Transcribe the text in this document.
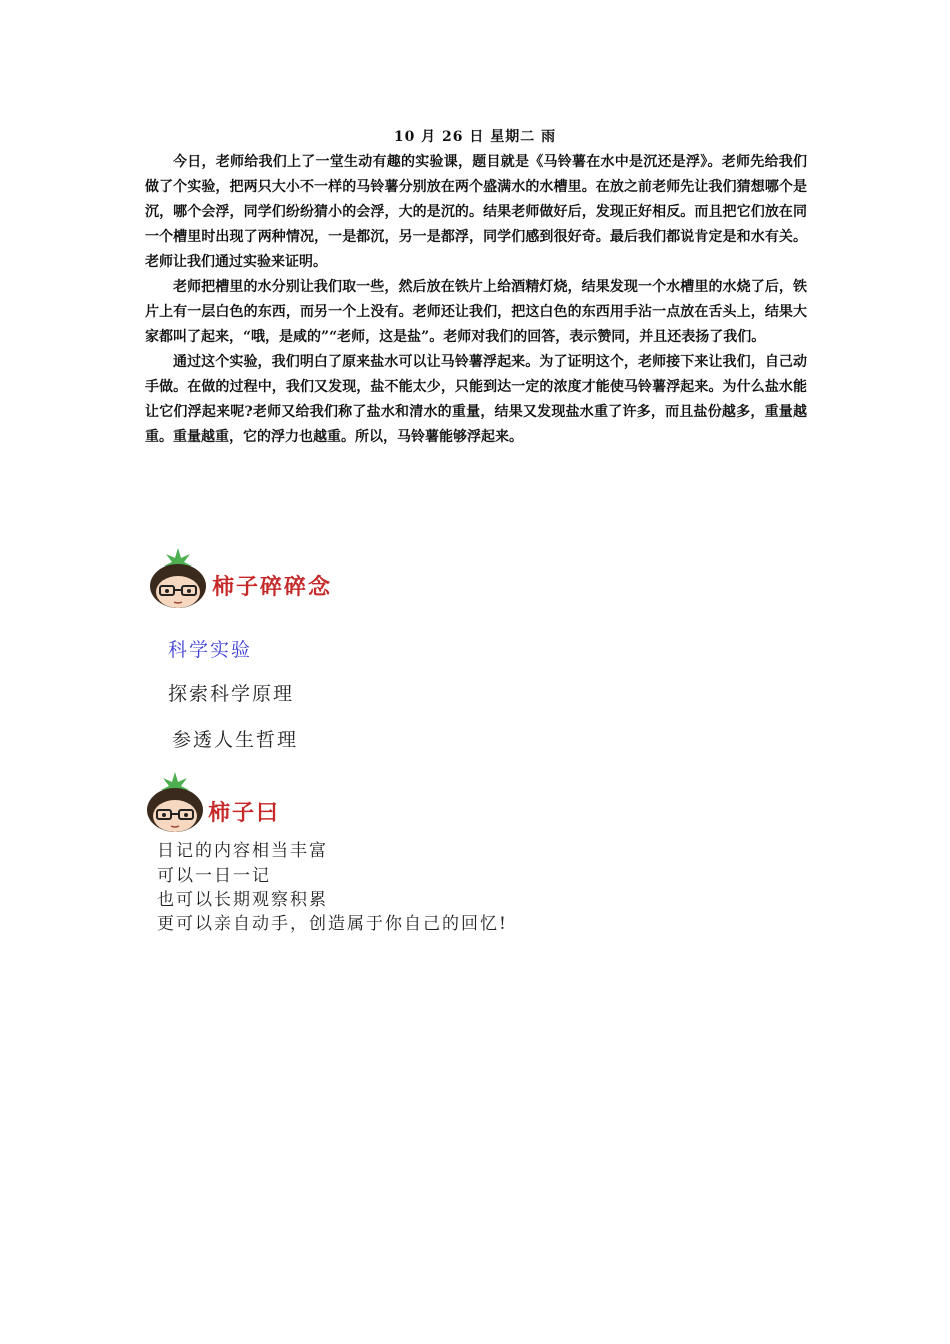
10 月 26 日 星期二 雨

今日，老师给我们上了一堂生动有趣的实验课，题目就是《马铃薯在水中是沉还是浮》。老师先给我们做了个实验，把两只大小不一样的马铃薯分别放在两个盛满水的水槽里。在放之前老师先让我们猜想哪个是沉，哪个会浮，同学们纷纷猜小的会浮，大的是沉的。结果老师做好后，发现正好相反。而且把它们放在同一个槽里时出现了两种情况，一是都沉，另一是都浮，同学们感到很好奇。最后我们都说肯定是和水有关。老师让我们通过实验来证明。

老师把槽里的水分别让我们取一些，然后放在铁片上给酒精灯烧，结果发现一个水槽里的水烧了后，铁片上有一层白色的东西，而另一个上没有。老师还让我们，把这白色的东西用手沾一点放在舌头上，结果大家都叫了起来，“哦，是咸的”“老师，这是盐”。老师对我们的回答，表示赞同，并且还表扬了我们。

通过这个实验，我们明白了原来盐水可以让马铃薯浮起来。为了证明这个，老师接下来让我们，自己动手做。在做的过程中，我们又发现，盐不能太少，只能到达一定的浓度才能使马铃薯浮起来。为什么盐水能让它们浮起来呢?老师又给我们称了盐水和清水的重量，结果又发现盐水重了许多，而且盐份越多，重量越重。重量越重，它的浮力也越重。所以，马铃薯能够浮起来。

柿子碎碎念
科学实验
探索科学原理
参透人生哲理
柿子曰
日记的内容相当丰富
可以一日一记
也可以长期观察积累
更可以亲自动手，创造属于你自己的回忆!
